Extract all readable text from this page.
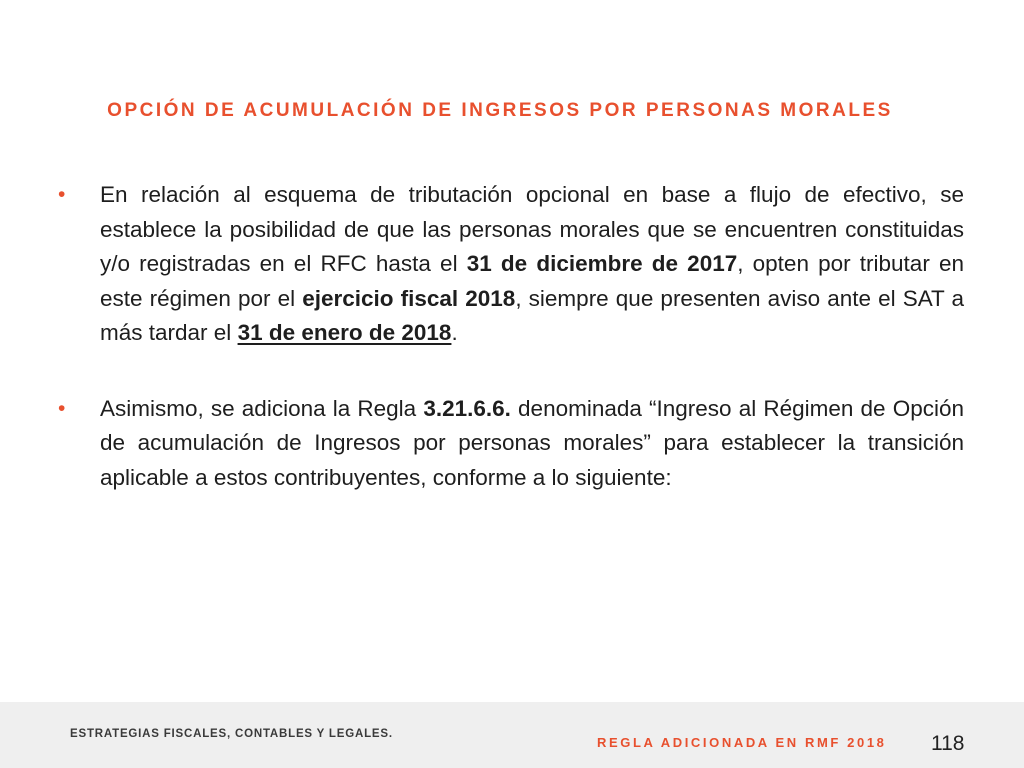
OPCIÓN DE ACUMULACIÓN DE INGRESOS POR PERSONAS MORALES
• En relación al esquema de tributación opcional en base a flujo de efectivo, se establece la posibilidad de que las personas morales que se encuentren constituidas y/o registradas en el RFC hasta el 31 de diciembre de 2017, opten por tributar en este régimen por el ejercicio fiscal 2018, siempre que presenten aviso ante el SAT a más tardar el 31 de enero de 2018.
• Asimismo, se adiciona la Regla 3.21.6.6. denominada “Ingreso al Régimen de Opción de acumulación de Ingresos por personas morales” para establecer la transición aplicable a estos contribuyentes, conforme a lo siguiente:
ESTRATEGIAS FISCALES, CONTABLES Y LEGALES.
REGLA ADICIONADA EN RMF 2018 118
